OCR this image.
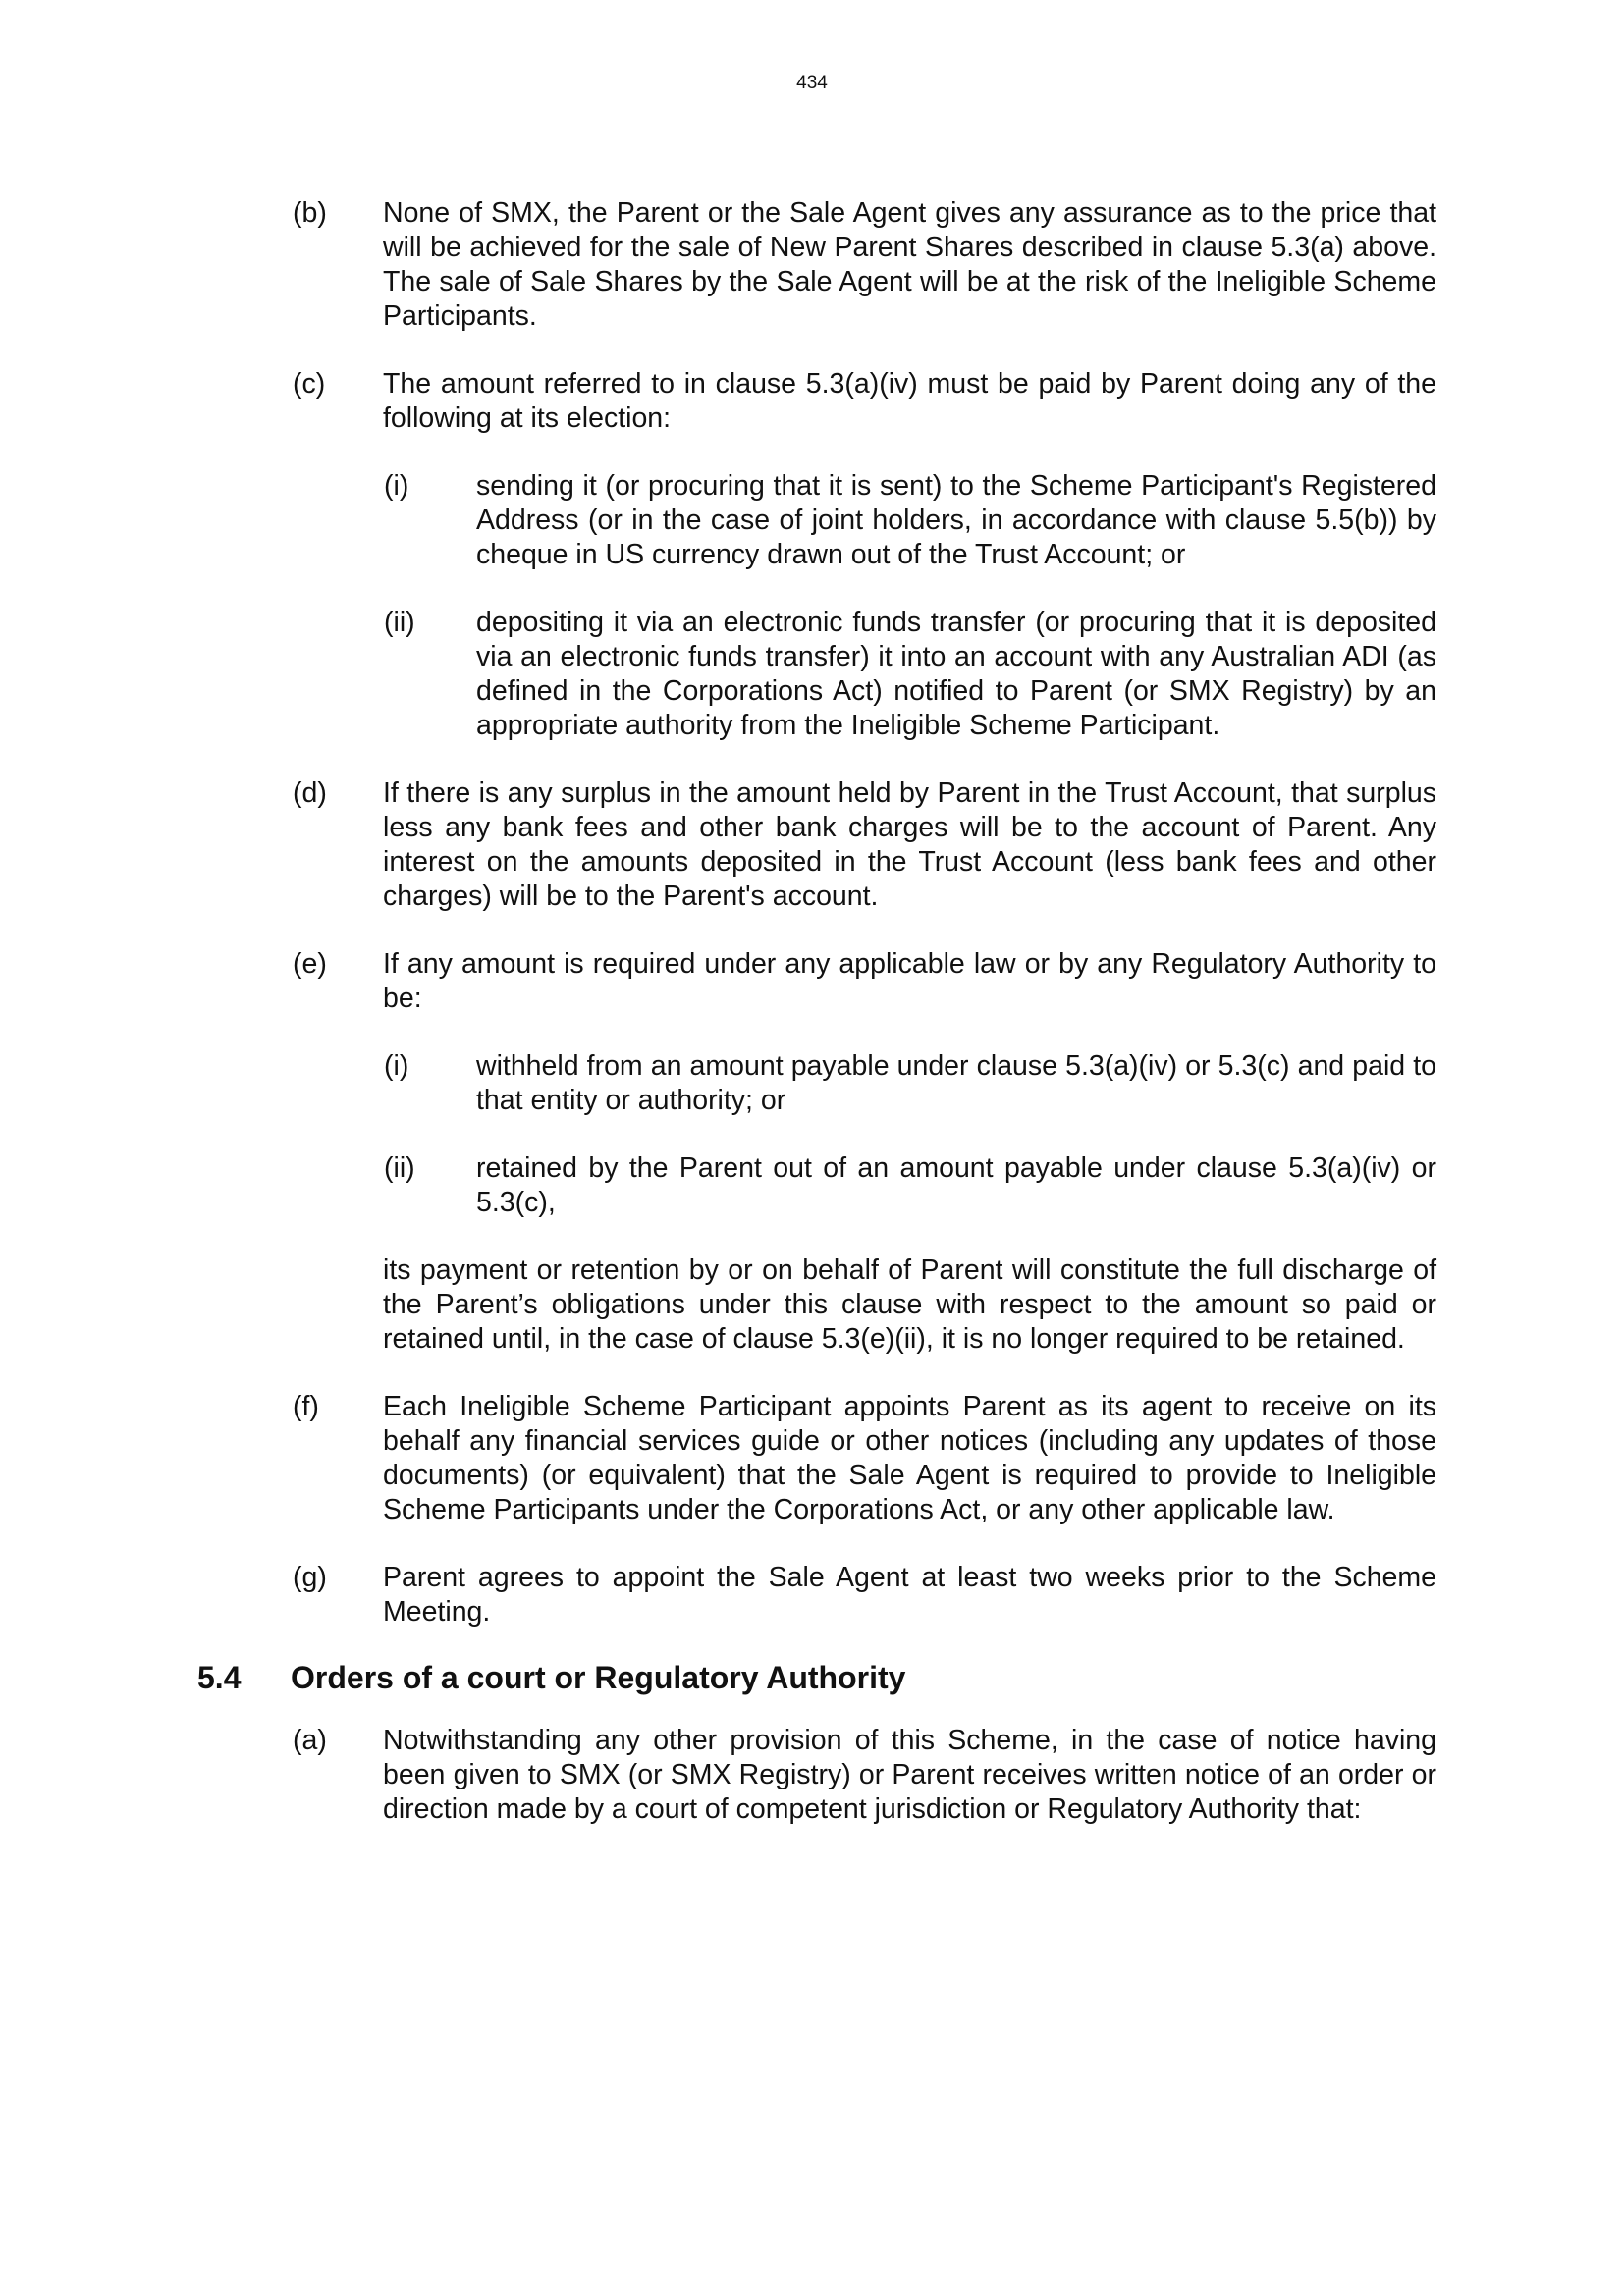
434
(b) None of SMX, the Parent or the Sale Agent gives any assurance as to the price that will be achieved for the sale of New Parent Shares described in clause 5.3(a) above. The sale of Sale Shares by the Sale Agent will be at the risk of the Ineligible Scheme Participants.
(c) The amount referred to in clause 5.3(a)(iv) must be paid by Parent doing any of the following at its election:
(i) sending it (or procuring that it is sent) to the Scheme Participant's Registered Address (or in the case of joint holders, in accordance with clause 5.5(b)) by cheque in US currency drawn out of the Trust Account; or
(ii) depositing it via an electronic funds transfer (or procuring that it is deposited via an electronic funds transfer) it into an account with any Australian ADI (as defined in the Corporations Act) notified to Parent (or SMX Registry) by an appropriate authority from the Ineligible Scheme Participant.
(d) If there is any surplus in the amount held by Parent in the Trust Account, that surplus less any bank fees and other bank charges will be to the account of Parent. Any interest on the amounts deposited in the Trust Account (less bank fees and other charges) will be to the Parent's account.
(e) If any amount is required under any applicable law or by any Regulatory Authority to be:
(i) withheld from an amount payable under clause 5.3(a)(iv) or 5.3(c) and paid to that entity or authority; or
(ii) retained by the Parent out of an amount payable under clause 5.3(a)(iv) or 5.3(c),
its payment or retention by or on behalf of Parent will constitute the full discharge of the Parent’s obligations under this clause with respect to the amount so paid or retained until, in the case of clause 5.3(e)(ii), it is no longer required to be retained.
(f) Each Ineligible Scheme Participant appoints Parent as its agent to receive on its behalf any financial services guide or other notices (including any updates of those documents) (or equivalent) that the Sale Agent is required to provide to Ineligible Scheme Participants under the Corporations Act, or any other applicable law.
(g) Parent agrees to appoint the Sale Agent at least two weeks prior to the Scheme Meeting.
5.4 Orders of a court or Regulatory Authority
(a) Notwithstanding any other provision of this Scheme, in the case of notice having been given to SMX (or SMX Registry) or Parent receives written notice of an order or direction made by a court of competent jurisdiction or Regulatory Authority that:
